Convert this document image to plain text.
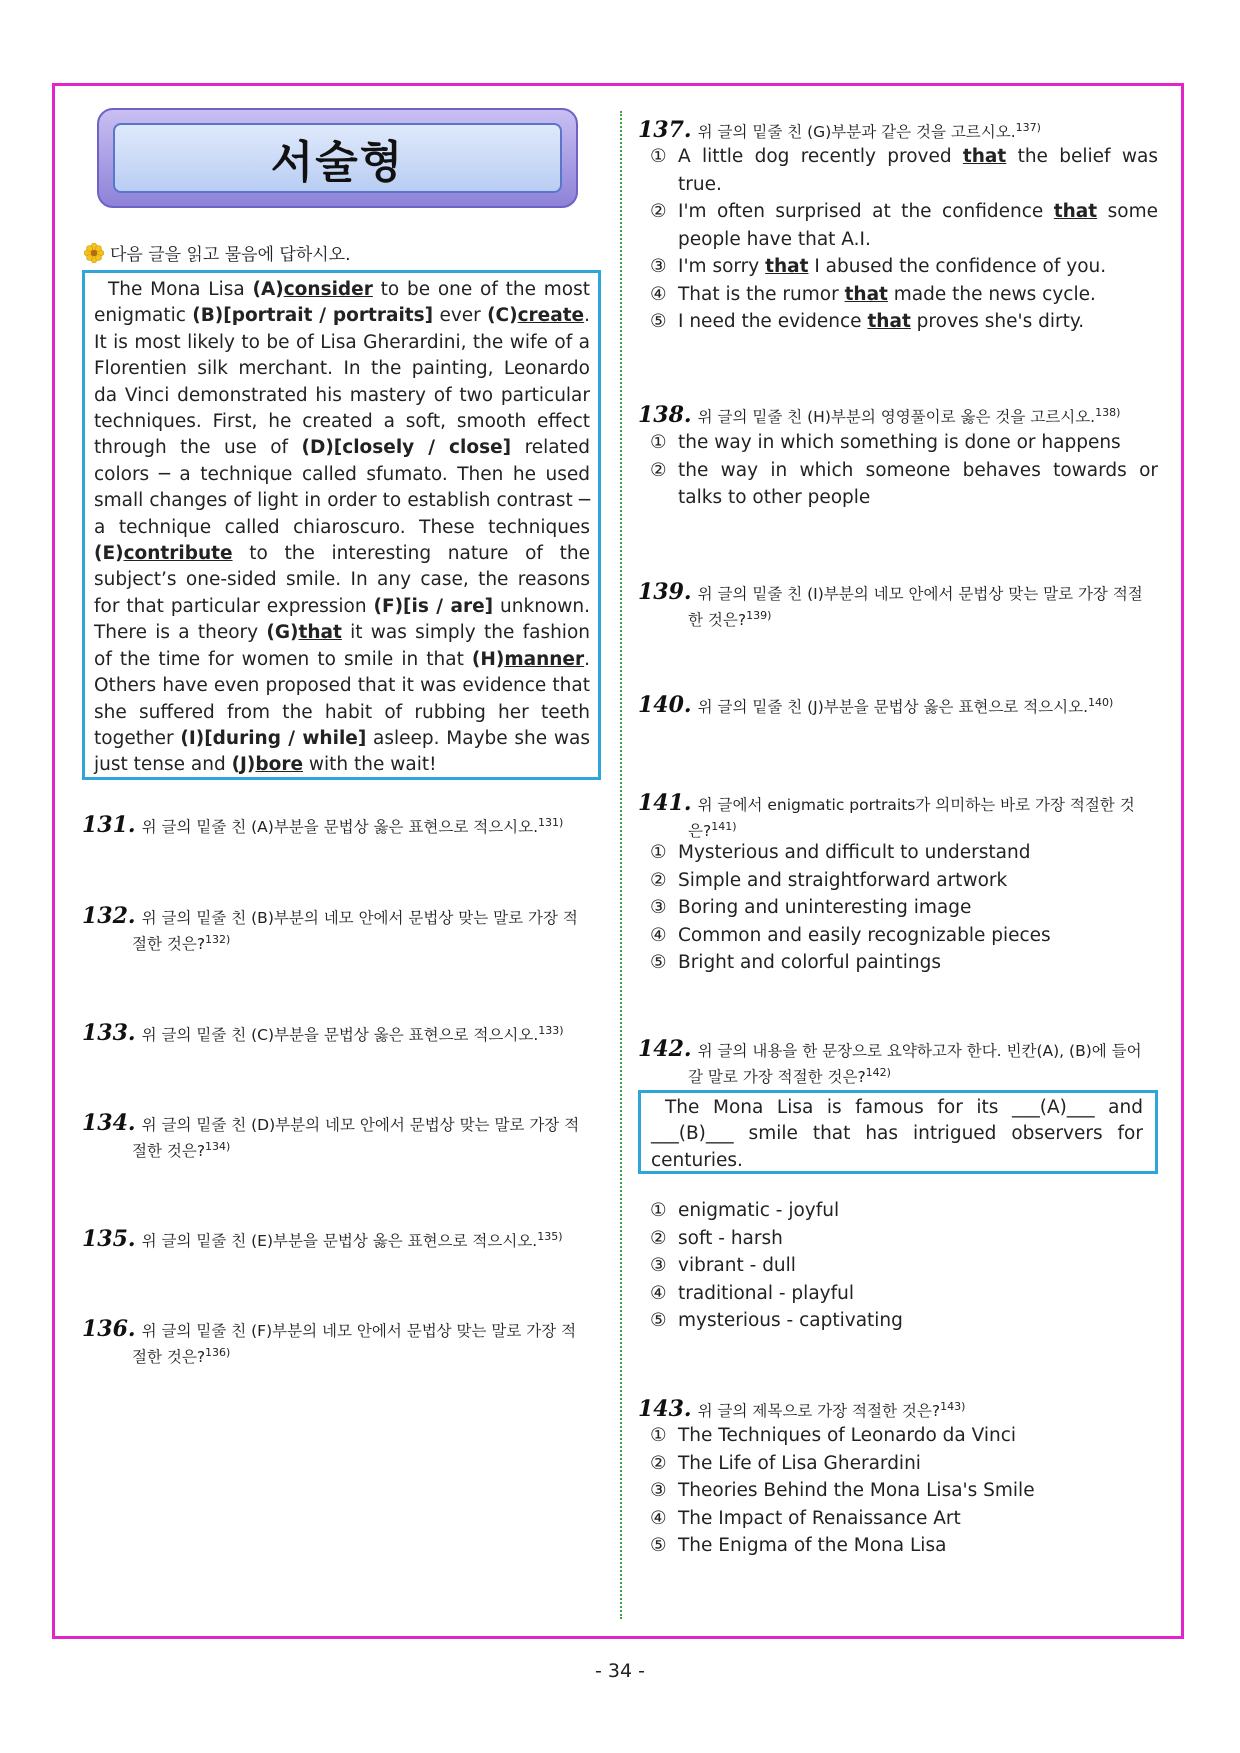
서술형
다음 글을 읽고 물음에 답하시오.

The Mona Lisa (A)consider to be one of the most enigmatic (B)[portrait / portraits] ever (C)create. It is most likely to be of Lisa Gherardini, the wife of a Florentien silk merchant. In the painting, Leonardo da Vinci demonstrated his mastery of two particular techniques. First, he created a soft, smooth effect through the use of (D)[closely / close] related colors ─ a technique called sfumato. Then he used small changes of light in order to establish contrast ─ a technique called chiaroscuro. These techniques (E)contribute to the interesting nature of the subject’s one-sided smile. In any case, the reasons for that particular expression (F)[is / are] unknown. There is a theory (G)that it was simply the fashion of the time for women to smile in that (H)manner. Others have even proposed that it was evidence that she suffered from the habit of rubbing her teeth together (I)[during / while] asleep. Maybe she was just tense and (J)bore with the wait!

131. 위 글의 밑줄 친 (A)부분을 문법상 옳은 표현으로 적으시오.$^{131)}$
132. 위 글의 밑줄 친 (B)부분의 네모 안에서 문법상 맞는 말로 가장 적
절한 것은?$^{132)}$
133. 위 글의 밑줄 친 (C)부분을 문법상 옳은 표현으로 적으시오.$^{133)}$
134. 위 글의 밑줄 친 (D)부분의 네모 안에서 문법상 맞는 말로 가장 적
절한 것은?$^{134)}$
135. 위 글의 밑줄 친 (E)부분을 문법상 옳은 표현으로 적으시오.$^{135)}$
136. 위 글의 밑줄 친 (F)부분의 네모 안에서 문법상 맞는 말로 가장 적
절한 것은?$^{136)}$
137. 위 글의 밑줄 친 (G)부분과 같은 것을 고르시오.$^{137)}$
① A little dog recently proved that the belief was true.
② I'm often surprised at the confidence that some people have that A.I.
③ I'm sorry that I abused the confidence of you.
④ That is the rumor that made the news cycle.
⑤ I need the evidence that proves she's dirty.
138. 위 글의 밑줄 친 (H)부분의 영영풀이로 옳은 것을 고르시오.$^{138)}$
① the way in which something is done or happens
② the way in which someone behaves towards or talks to other people
139. 위 글의 밑줄 친 (I)부분의 네모 안에서 문법상 맞는 말로 가장 적절
한 것은?$^{139)}$
140. 위 글의 밑줄 친 (J)부분을 문법상 옳은 표현으로 적으시오.$^{140)}$
141. 위 글에서 enigmatic portraits가 의미하는 바로 가장 적절한 것
은?$^{141)}$
① Mysterious and difficult to understand
② Simple and straightforward artwork
③ Boring and uninteresting image
④ Common and easily recognizable pieces
⑤ Bright and colorful paintings
142. 위 글의 내용을 한 문장으로 요약하고자 한다. 빈칸(A), (B)에 들어
갈 말로 가장 적절한 것은?$^{142)}$

The Mona Lisa is famous for its ___(A)___ and ___(B)___ smile that has intrigued observers for centuries.

① enigmatic - joyful
② soft - harsh
③ vibrant - dull
④ traditional - playful
⑤ mysterious - captivating
143. 위 글의 제목으로 가장 적절한 것은?$^{143)}$
① The Techniques of Leonardo da Vinci
② The Life of Lisa Gherardini
③ Theories Behind the Mona Lisa's Smile
④ The Impact of Renaissance Art
⑤ The Enigma of the Mona Lisa
- 34 -
